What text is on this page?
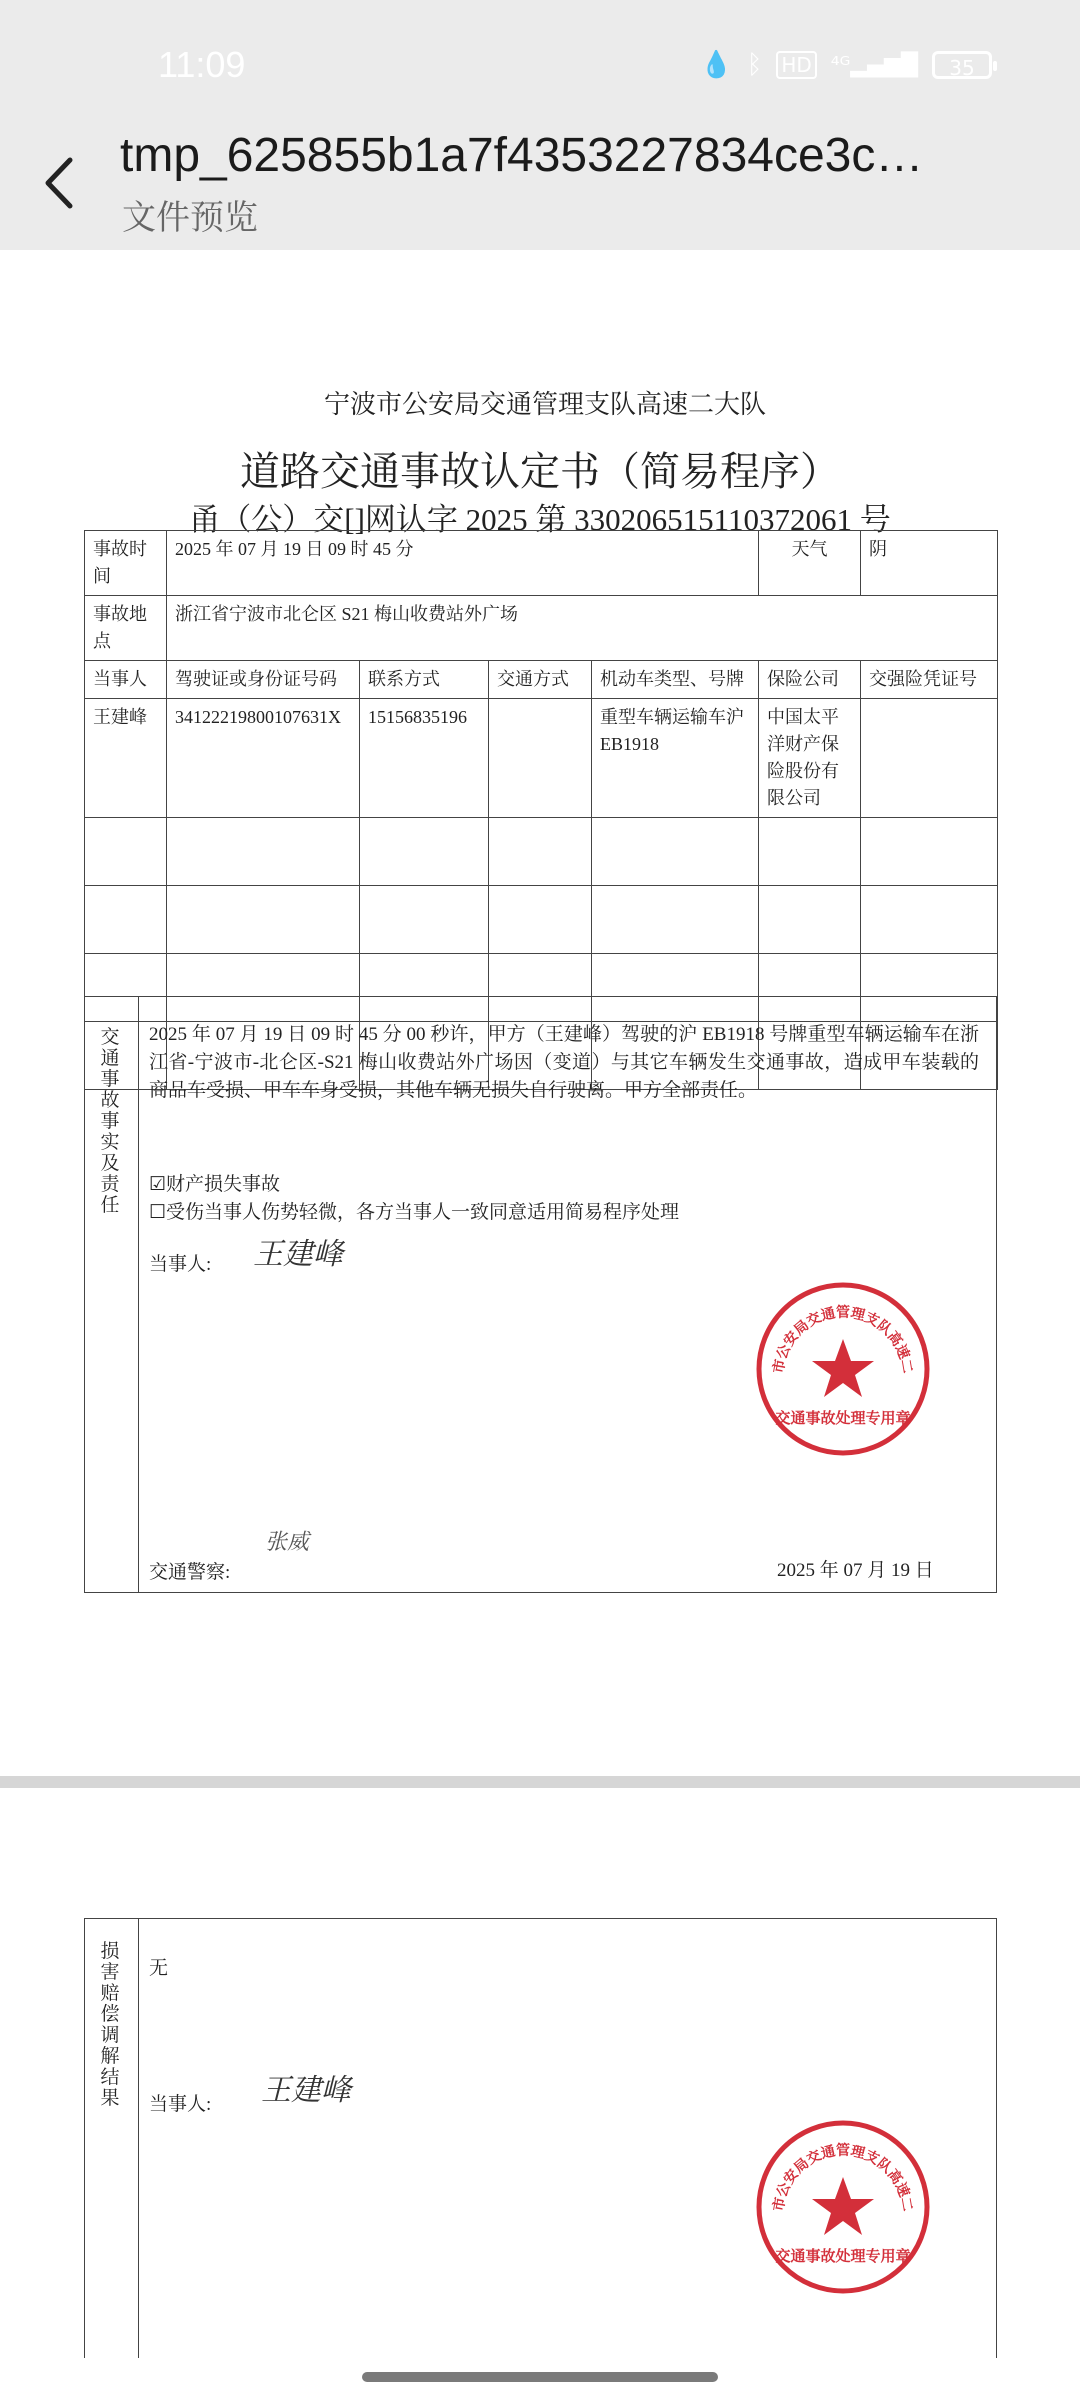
11:09	💧 ᛒ HD ⁴ᴳ▂▄▆█	35
tmp_625855b1a7f4353227834ce3c…
文件预览
宁波市公安局交通管理支队高速二大队
道路交通事故认定书（简易程序）
甬（公）交[]网认字 2025 第 330206515110372061 号
事故时间	2025 年 07 月 19 日 09 时 45 分				天气	阴
事故地点	浙江省宁波市北仑区 S21 梅山收费站外广场					
当事人	驾驶证或身份证号码	联系方式	交通方式	机动车类型、号牌	保险公司	交强险凭证号
王建峰	34122219800107631X	15156835196		重型车辆运输车沪 EB1918	中国太平洋财产保险股份有限公司	

交通事故事实及责任
2025 年 07 月 19 日 09 时 45 分 00 秒许，甲方（王建峰）驾驶的沪 EB1918 号牌重型车辆运输车在浙江省-宁波市-北仑区-S21 梅山收费站外广场因（变道）与其它车辆发生交通事故，造成甲车装载的商品车受损、甲车车身受损，其他车辆无损失自行驶离。甲方全部责任。
☑财产损失事故
☐受伤当事人伤势轻微，各方当事人一致同意适用简易程序处理
当事人: 王建峰
交通警察:
张威
2025 年 07 月 19 日
市公安局交通管理支队高速二
交通事故处理专用章
损害赔偿调解结果
无
当事人: 王建峰
市公安局交通管理支队高速二
交通事故处理专用章
